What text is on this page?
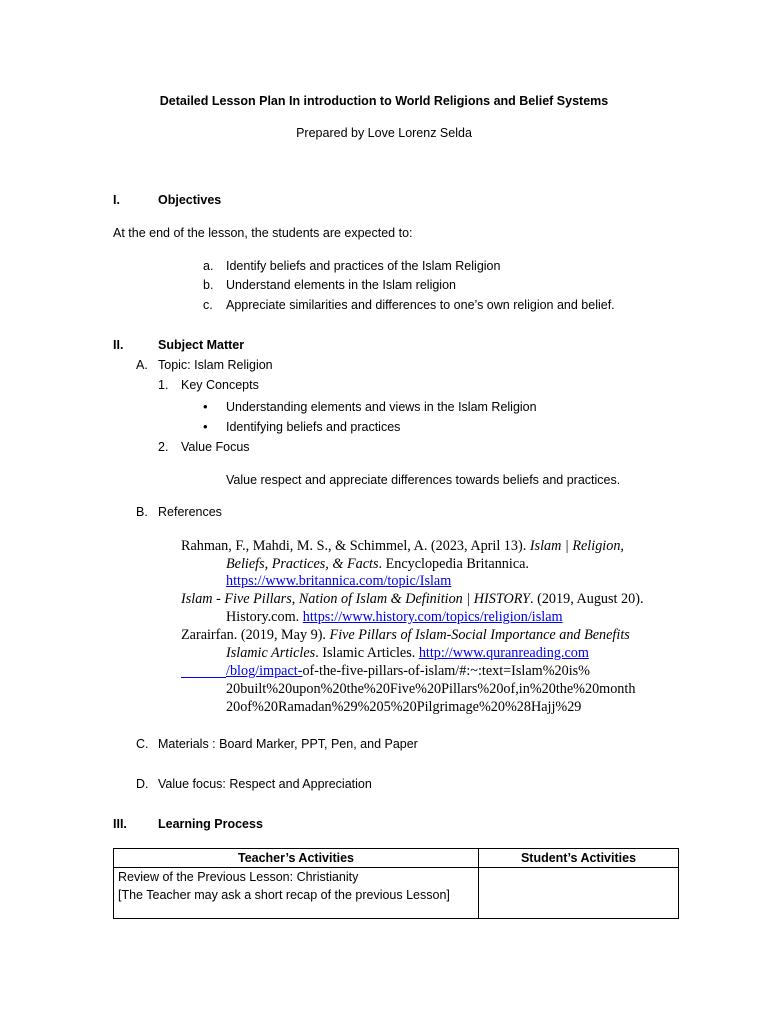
Detailed Lesson Plan In introduction to World Religions and Belief Systems
Prepared by Love Lorenz Selda
I.	Objectives
At the end of the lesson, the students are expected to:
a. Identify beliefs and practices of the Islam Religion
b. Understand elements in the Islam religion
c. Appreciate similarities and differences to one’s own religion and belief.
II.	Subject Matter
A. Topic: Islam Religion
1. Key Concepts
• Understanding elements and views in the Islam Religion
• Identifying beliefs and practices
2. Value Focus
Value respect and appreciate differences towards beliefs and practices.
B. References
Rahman, F., Mahdi, M. S., & Schimmel, A. (2023, April 13). Islam | Religion,
Beliefs, Practices, & Facts. Encyclopedia Britannica.
https://www.britannica.com/topic/Islam
Islam - Five Pillars, Nation of Islam & Definition | HISTORY. (2019, August 20).
History.com. https://www.history.com/topics/religion/islam
Zarairfan. (2019, May 9). Five Pillars of Islam-Social Importance and Benefits
Islamic Articles. Islamic Articles. http://www.quranreading.com
/blog/impact-of-the-five-pillars-of-islam/#:~:text=Islam%20is%
20built%20upon%20the%20Five%20Pillars%20of,in%20the%20month
20of%20Ramadan%29%205%20Pilgrimage%20%28Hajj%29
C. Materials : Board Marker, PPT, Pen, and Paper
D. Value focus: Respect and Appreciation
III. Learning Process
Teacher’s Activities	Student’s Activities

Review of the Previous Lesson: Christianity
[The Teacher may ask a short recap of the previous Lesson]	
